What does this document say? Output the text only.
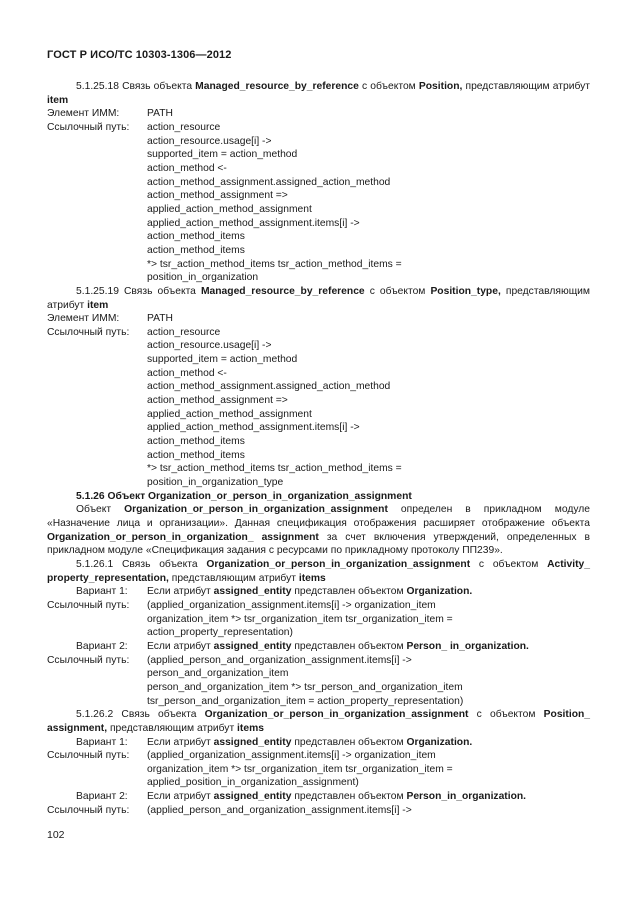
ГОСТ Р ИСО/ТС 10303-1306—2012
5.1.25.18 Связь объекта Managed_resource_by_reference с объектом Position, представляющим атрибут item
Элемент ИММ:	PATH
Ссылочный путь:	action_resource
action_resource.usage[i] ->
supported_item = action_method
action_method <-
action_method_assignment.assigned_action_method
action_method_assignment =>
applied_action_method_assignment
applied_action_method_assignment.items[i] ->
action_method_items
action_method_items
*> tsr_action_method_items tsr_action_method_items =
position_in_organization
5.1.25.19 Связь объекта Managed_resource_by_reference с объектом Position_type, представляющим атрибут item
Элемент ИММ:	PATH
Ссылочный путь:	action_resource
action_resource.usage[i] ->
supported_item = action_method
action_method <-
action_method_assignment.assigned_action_method
action_method_assignment =>
applied_action_method_assignment
applied_action_method_assignment.items[i] ->
action_method_items
action_method_items
*> tsr_action_method_items tsr_action_method_items =
position_in_organization_type
5.1.26 Объект Organization_or_person_in_organization_assignment
Объект Organization_or_person_in_organization_assignment определен в прикладном модуле «Назначение лица и организации». Данная спецификация отображения расширяет отображение объекта Organization_or_person_in_organization_ assignment за счет включения утверждений, определенных в прикладном модуле «Спецификация задания с ресурсами по прикладному протоколу ПП239».
5.1.26.1 Связь объекта Organization_or_person_in_organization_assignment с объектом Activity_ property_representation, представляющим атрибут items
Вариант 1:	Если атрибут assigned_entity представлен объектом Organization.
Ссылочный путь:	(applied_organization_assignment.items[i] -> organization_item
organization_item *> tsr_organization_item tsr_organization_item =
action_property_representation)
Вариант 2:	Если атрибут assigned_entity представлен объектом Person_ in_organization.
Ссылочный путь:	(applied_person_and_organization_assignment.items[i] ->
person_and_organization_item
person_and_organization_item *> tsr_person_and_organization_item
tsr_person_and_organization_item = action_property_representation)
5.1.26.2 Связь объекта Organization_or_person_in_organization_assignment с объектом Position_ assignment, представляющим атрибут items
Вариант 1:	Если атрибут assigned_entity представлен объектом Organization.
Ссылочный путь:	(applied_organization_assignment.items[i] -> organization_item
organization_item *> tsr_organization_item tsr_organization_item =
applied_position_in_organization_assignment)
Вариант 2:	Если атрибут assigned_entity представлен объектом Person_in_organization.
Ссылочный путь:	(applied_person_and_organization_assignment.items[i] ->
102
